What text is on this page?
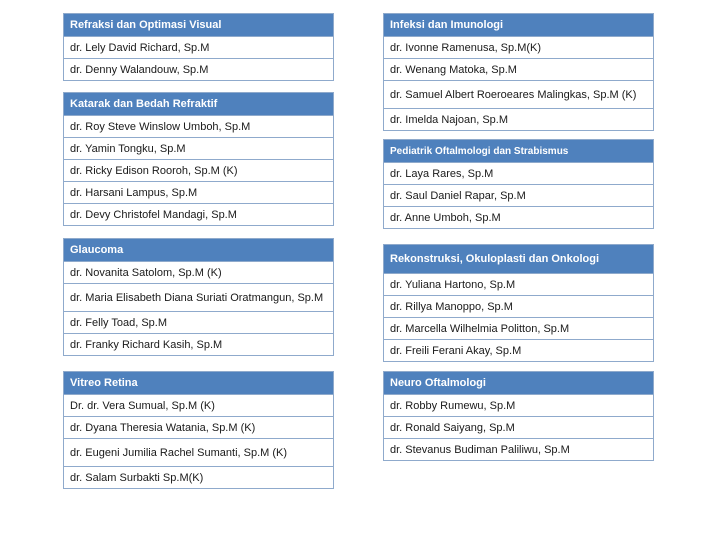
Refraksi dan Optimasi Visual
dr. Lely David Richard, Sp.M
dr. Denny Walandouw, Sp.M
Katarak dan Bedah Refraktif
dr. Roy Steve Winslow Umboh, Sp.M
dr. Yamin Tongku, Sp.M
dr. Ricky Edison Rooroh, Sp.M (K)
dr. Harsani Lampus, Sp.M
dr. Devy Christofel Mandagi, Sp.M
Glaucoma
dr. Novanita Satolom, Sp.M (K)
dr. Maria Elisabeth Diana Suriati Oratmangun, Sp.M
dr. Felly Toad, Sp.M
dr. Franky Richard Kasih, Sp.M
Vitreo Retina
Dr. dr. Vera Sumual, Sp.M (K)
dr. Dyana Theresia Watania, Sp.M (K)
dr. Eugeni Jumilia Rachel Sumanti, Sp.M (K)
dr. Salam Surbakti Sp.M(K)
Infeksi dan Imunologi
dr. Ivonne Ramenusa, Sp.M(K)
dr. Wenang Matoka, Sp.M
dr. Samuel Albert Roeroeares Malingkas, Sp.M (K)
dr. Imelda Najoan, Sp.M
Pediatrik Oftalmologi dan Strabismus
dr. Laya Rares, Sp.M
dr. Saul Daniel Rapar, Sp.M
dr. Anne Umboh, Sp.M
Rekonstruksi, Okuloplasti dan Onkologi
dr. Yuliana Hartono, Sp.M
dr. Rillya Manoppo, Sp.M
dr. Marcella Wilhelmia Politton, Sp.M
dr. Freili Ferani Akay, Sp.M
Neuro Oftalmologi
dr. Robby Rumewu, Sp.M
dr. Ronald Saiyang, Sp.M
dr. Stevanus Budiman Paliliwu, Sp.M
